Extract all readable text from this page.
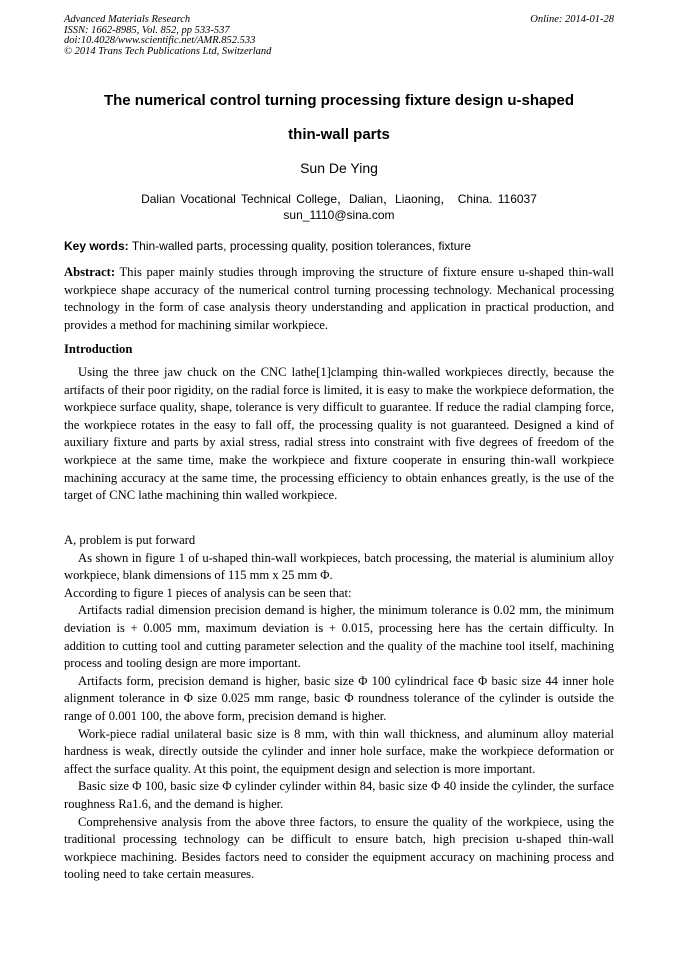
Advanced Materials Research
ISSN: 1662-8985, Vol. 852, pp 533-537
doi:10.4028/www.scientific.net/AMR.852.533
© 2014 Trans Tech Publications Ltd, Switzerland
Online: 2014-01-28
The numerical control turning processing fixture design u-shaped
thin-wall parts
Sun De Ying
Dalian Vocational Technical College，Dalian，Liaoning， China. 116037
sun_1110@sina.com
Key words: Thin-walled parts, processing quality, position tolerances, fixture

Abstract: This paper mainly studies through improving the structure of fixture ensure u-shaped thin-wall workpiece shape accuracy of the numerical control turning processing technology. Mechanical processing technology in the form of case analysis theory understanding and application in practical production, and provides a method for machining similar workpiece.

Introduction

Using the three jaw chuck on the CNC lathe[1]clamping thin-walled workpieces directly, because the artifacts of their poor rigidity, on the radial force is limited, it is easy to make the workpiece deformation, the workpiece surface quality, shape, tolerance is very difficult to guarantee. If reduce the radial clamping force, the workpiece rotates in the easy to fall off, the processing quality is not guaranteed. Designed a kind of auxiliary fixture and parts by axial stress, radial stress into constraint with five degrees of freedom of the workpiece at the same time, make the workpiece and fixture cooperate in ensuring thin-wall workpiece machining accuracy at the same time, the processing efficiency to obtain enhances greatly, is the use of the target of CNC lathe machining thin walled workpiece.

A, problem is put forward

As shown in figure 1 of u-shaped thin-wall workpieces, batch processing, the material is aluminium alloy workpiece, blank dimensions of 115 mm x 25 mm Φ.

According to figure 1 pieces of analysis can be seen that:

Artifacts radial dimension precision demand is higher, the minimum tolerance is 0.02 mm, the minimum deviation is + 0.005 mm, maximum deviation is + 0.015, processing here has the certain difficulty. In addition to cutting tool and cutting parameter selection and the quality of the machine tool itself, machining process and tooling design are more important.

Artifacts form, precision demand is higher, basic size Φ 100 cylindrical face Φ basic size 44 inner hole alignment tolerance in Φ size 0.025 mm range, basic Φ roundness tolerance of the cylinder is outside the range of 0.001 100, the above form, precision demand is higher.

Work-piece radial unilateral basic size is 8 mm, with thin wall thickness, and aluminum alloy material hardness is weak, directly outside the cylinder and inner hole surface, make the workpiece deformation or affect the surface quality. At this point, the equipment design and selection is more important.

Basic size Φ 100, basic size Φ cylinder cylinder within 84, basic size Φ 40 inside the cylinder, the surface roughness Ra1.6, and the demand is higher.

Comprehensive analysis from the above three factors, to ensure the quality of the workpiece, using the traditional processing technology can be difficult to ensure batch, high precision u-shaped thin-wall workpiece machining. Besides factors need to consider the equipment accuracy on machining process and tooling need to take certain measures.
